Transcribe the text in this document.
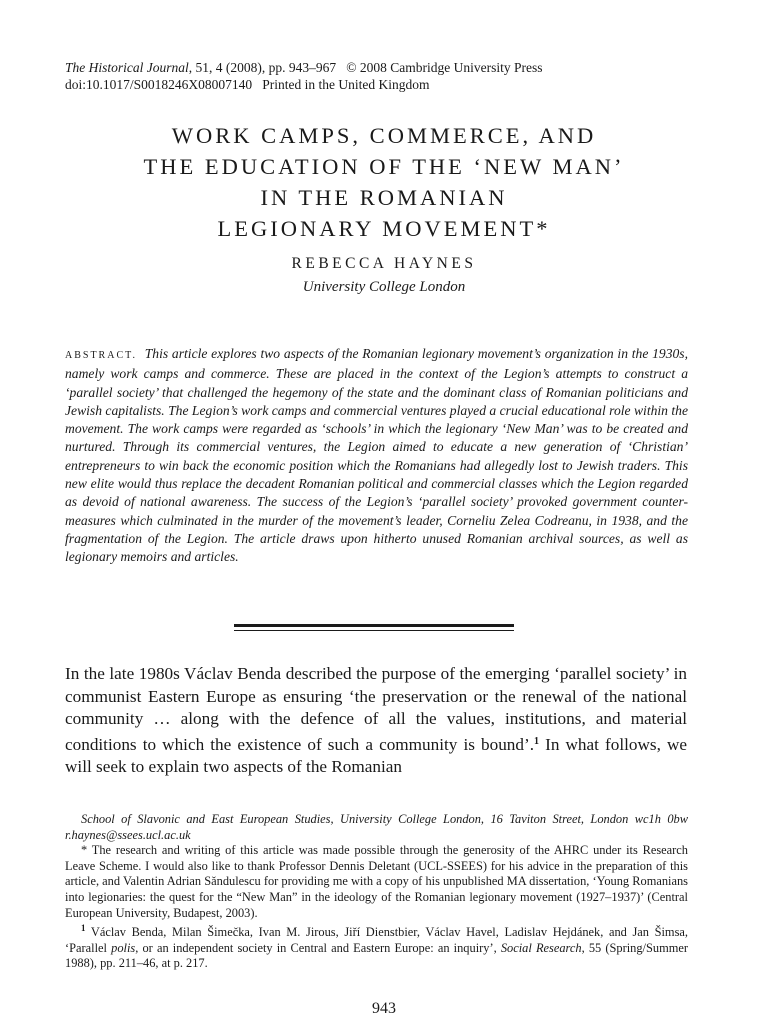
The Historical Journal, 51, 4 (2008), pp. 943–967 © 2008 Cambridge University Press
doi:10.1017/S0018246X08007140 Printed in the United Kingdom
WORK CAMPS, COMMERCE, AND
THE EDUCATION OF THE ‘NEW MAN’
IN THE ROMANIAN
LEGIONARY MOVEMENT*
REBECCA HAYNES
University College London

ABSTRACT. This article explores two aspects of the Romanian legionary movement’s organization in the 1930s, namely work camps and commerce. These are placed in the context of the Legion’s attempts to construct a ‘parallel society’ that challenged the hegemony of the state and the dominant class of Romanian politicians and Jewish capitalists. The Legion’s work camps and commercial ventures played a crucial educational role within the movement. The work camps were regarded as ‘schools’ in which the legionary ‘New Man’ was to be created and nurtured. Through its commercial ventures, the Legion aimed to educate a new generation of ‘Christian’ entrepreneurs to win back the economic position which the Romanians had allegedly lost to Jewish traders. This new elite would thus replace the decadent Romanian political and commercial classes which the Legion regarded as devoid of national awareness. The success of the Legion’s ‘parallel society’ provoked government counter-measures which culminated in the murder of the movement’s leader, Corneliu Zelea Codreanu, in 1938, and the fragmentation of the Legion. The article draws upon hitherto unused Romanian archival sources, as well as legionary memoirs and articles.

In the late 1980s Václav Benda described the purpose of the emerging ‘parallel society’ in communist Eastern Europe as ensuring ‘the preservation or the renewal of the national community … along with the defence of all the values, institutions, and material conditions to which the existence of such a community is bound’.$^1$ In what follows, we will seek to explain two aspects of the Romanian

School of Slavonic and East European Studies, University College London, 16 Taviton Street, London wc1h 0bw r.haynes@ssees.ucl.ac.uk

* The research and writing of this article was made possible through the generosity of the AHRC under its Research Leave Scheme. I would also like to thank Professor Dennis Deletant (UCL-SSEES) for his advice in the preparation of this article, and Valentin Adrian Sǎndulescu for providing me with a copy of his unpublished MA dissertation, ‘Young Romanians into legionaries: the quest for the “New Man” in the ideology of the Romanian legionary movement (1927–1937)’ (Central European University, Budapest, 2003).

$^1$ Václav Benda, Milan Šimečka, Ivan M. Jirous, Jiří Dienstbier, Václav Havel, Ladislav Hejdánek, and Jan Šimsa, ‘Parallel polis, or an independent society in Central and Eastern Europe: an inquiry’, Social Research, 55 (Spring/Summer 1988), pp. 211–46, at p. 217.

943
